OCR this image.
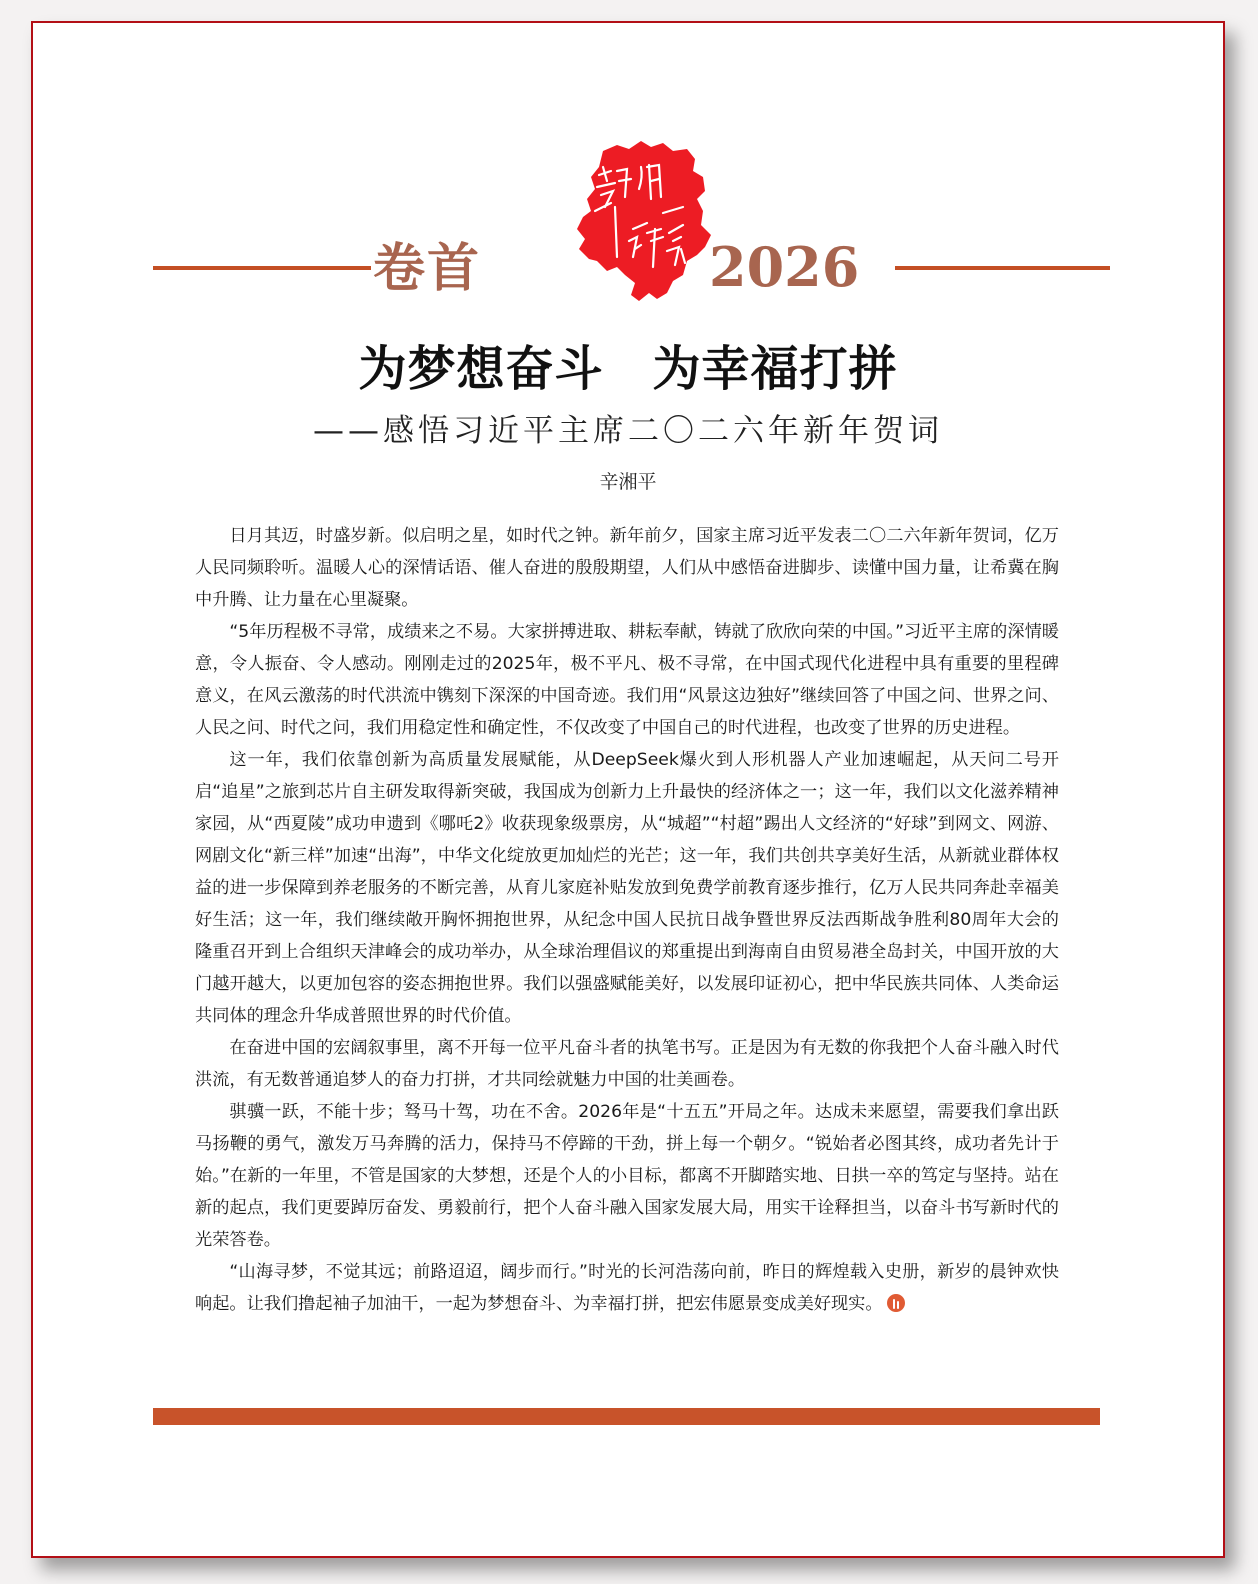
卷首	2026
为梦想奋斗　为幸福打拼
——感悟习近平主席二〇二六年新年贺词
辛湘平

日月其迈，时盛岁新。似启明之星，如时代之钟。新年前夕，国家主席习近平发表二〇二六年新年贺词，亿万人民同频聆听。温暖人心的深情话语、催人奋进的殷殷期望，人们从中感悟奋进脚步、读懂中国力量，让希冀在胸中升腾、让力量在心里凝聚。

“5年历程极不寻常，成绩来之不易。大家拼搏进取、耕耘奉献，铸就了欣欣向荣的中国。”习近平主席的深情暖意，令人振奋、令人感动。刚刚走过的2025年，极不平凡、极不寻常，在中国式现代化进程中具有重要的里程碑意义，在风云激荡的时代洪流中镌刻下深深的中国奇迹。我们用“风景这边独好”继续回答了中国之问、世界之问、人民之问、时代之问，我们用稳定性和确定性，不仅改变了中国自己的时代进程，也改变了世界的历史进程。

这一年，我们依靠创新为高质量发展赋能，从DeepSeek爆火到人形机器人产业加速崛起，从天问二号开启“追星”之旅到芯片自主研发取得新突破，我国成为创新力上升最快的经济体之一；这一年，我们以文化滋养精神家园，从“西夏陵”成功申遗到《哪吒2》收获现象级票房，从“城超”“村超”踢出人文经济的“好球”到网文、网游、网剧文化“新三样”加速“出海”，中华文化绽放更加灿烂的光芒；这一年，我们共创共享美好生活，从新就业群体权益的进一步保障到养老服务的不断完善，从育儿家庭补贴发放到免费学前教育逐步推行，亿万人民共同奔赴幸福美好生活；这一年，我们继续敞开胸怀拥抱世界，从纪念中国人民抗日战争暨世界反法西斯战争胜利80周年大会的隆重召开到上合组织天津峰会的成功举办，从全球治理倡议的郑重提出到海南自由贸易港全岛封关，中国开放的大门越开越大，以更加包容的姿态拥抱世界。我们以强盛赋能美好，以发展印证初心，把中华民族共同体、人类命运共同体的理念升华成普照世界的时代价值。

在奋进中国的宏阔叙事里，离不开每一位平凡奋斗者的执笔书写。正是因为有无数的你我把个人奋斗融入时代洪流，有无数普通追梦人的奋力打拼，才共同绘就魅力中国的壮美画卷。

骐骥一跃，不能十步；驽马十驾，功在不舍。2026年是“十五五”开局之年。达成未来愿望，需要我们拿出跃马扬鞭的勇气，激发万马奔腾的活力，保持马不停蹄的干劲，拼上每一个朝夕。“锐始者必图其终，成功者先计于始。”在新的一年里，不管是国家的大梦想，还是个人的小目标，都离不开脚踏实地、日拱一卒的笃定与坚持。站在新的起点，我们更要踔厉奋发、勇毅前行，把个人奋斗融入国家发展大局，用实干诠释担当，以奋斗书写新时代的光荣答卷。

“山海寻梦，不觉其远；前路迢迢，阔步而行。”时光的长河浩荡向前，昨日的辉煌载入史册，新岁的晨钟欢快响起。让我们撸起袖子加油干，一起为梦想奋斗、为幸福打拼，把宏伟愿景变成美好现实。
